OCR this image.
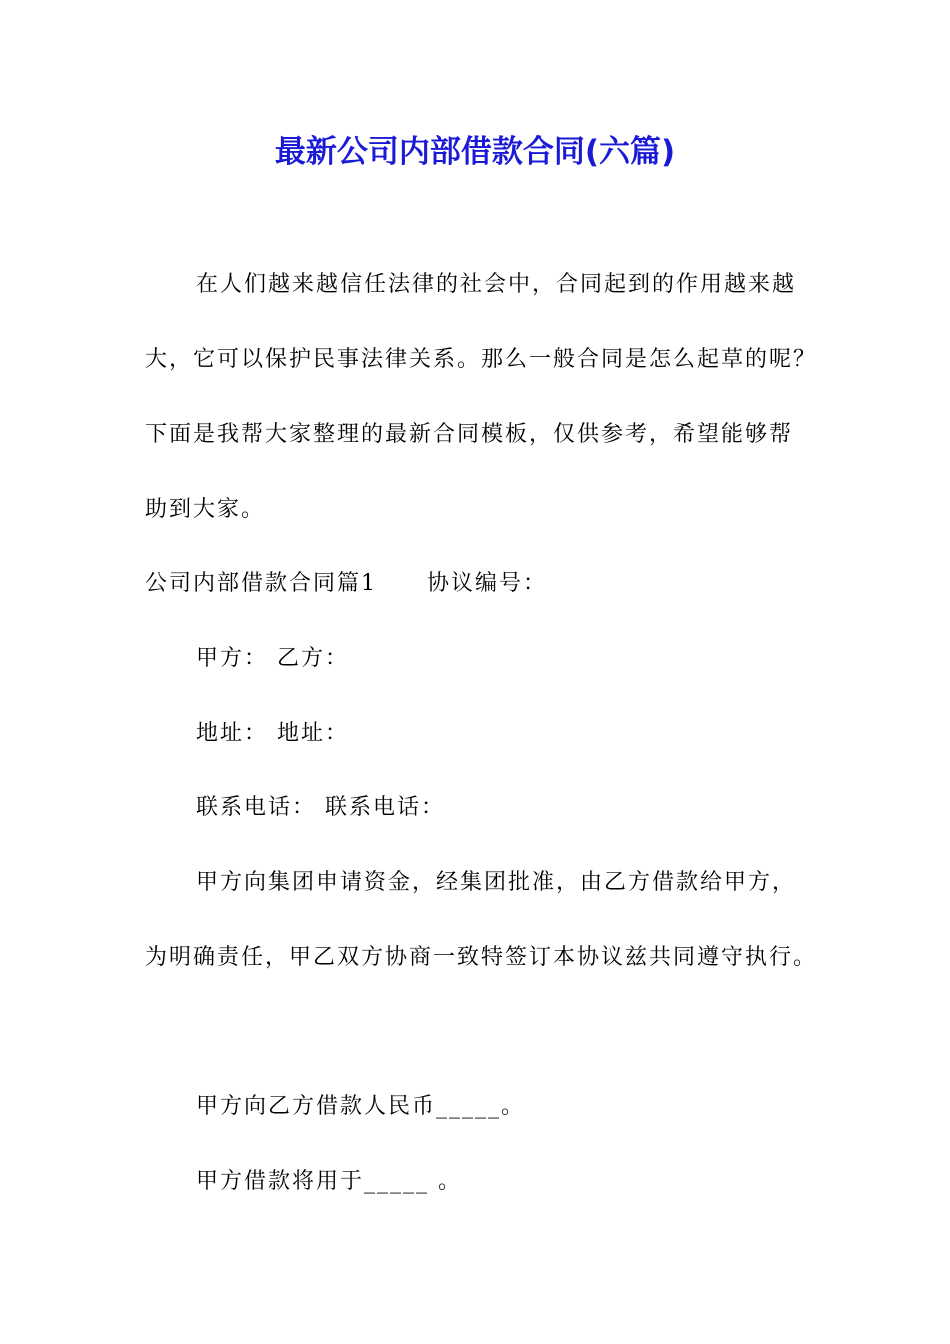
最新公司内部借款合同(六篇)

在人们越来越信任法律的社会中，合同起到的作用越来越

大，它可以保护民事法律关系。那么一般合同是怎么起草的呢？

下面是我帮大家整理的最新合同模板，仅供参考，希望能够帮

助到大家。

公司内部借款合同篇1 协议编号：

甲方： 乙方：

地址： 地址：

联系电话： 联系电话：

甲方向集团申请资金，经集团批准，由乙方借款给甲方，

为明确责任，甲乙双方协商一致特签订本协议兹共同遵守执行。

甲方向乙方借款人民币_____。

甲方借款将用于_____ 。
